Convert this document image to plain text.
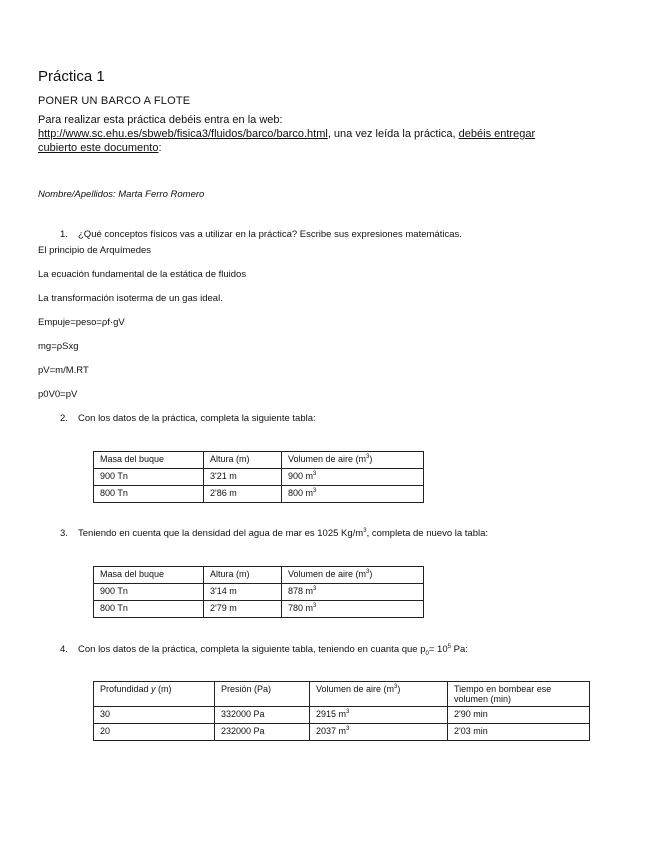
Práctica 1
PONER UN BARCO A FLOTE
Para realizar esta práctica debéis entra en la web:
http://www.sc.ehu.es/sbweb/fisica3/fluidos/barco/barco.html, una vez leída la práctica, debéis entregar
cubierto este documento:
Nombre/Apellidos: Marta Ferro Romero
1. ¿Qué conceptos físicos vas a utilizar en la práctica? Escribe sus expresiones matemáticas.
El principio de Arquímedes
La ecuación fundamental de la estática de fluidos
La transformación isoterma de un gas ideal.
Empuje=peso=ρf·gV
mg=ρSxg
pV=m/M.RT
p0V0=pV
2. Con los datos de la práctica, completa la siguiente tabla:
Masa del buque	Altura (m)	Volumen de aire $(m^3)$
900 Tn	3'21 m	900 $m^3$
800 Tn	2'86 m	800 $m^3$
3. Teniendo en cuenta que la densidad del agua de mar es 1025 $Kg/m^3$, completa de nuevo la tabla:
Masa del buque	Altura (m)	Volumen de aire $(m^3)$
900 Tn	3'14 m	878 $m^3$
800 Tn	2'79 m	780 $m^3$
4. Con los datos de la práctica, completa la siguiente tabla, teniendo en cuanta que $p_0= 10^5$ Pa:
Profundidad y (m)	Presión (Pa)	Volumen de aire $(m^3)$	Tiempo en bombear ese volumen (min)
30	332000 Pa	2915 $m^3$	2'90 min
20	232000 Pa	2037 $m^3$	2'03 min
